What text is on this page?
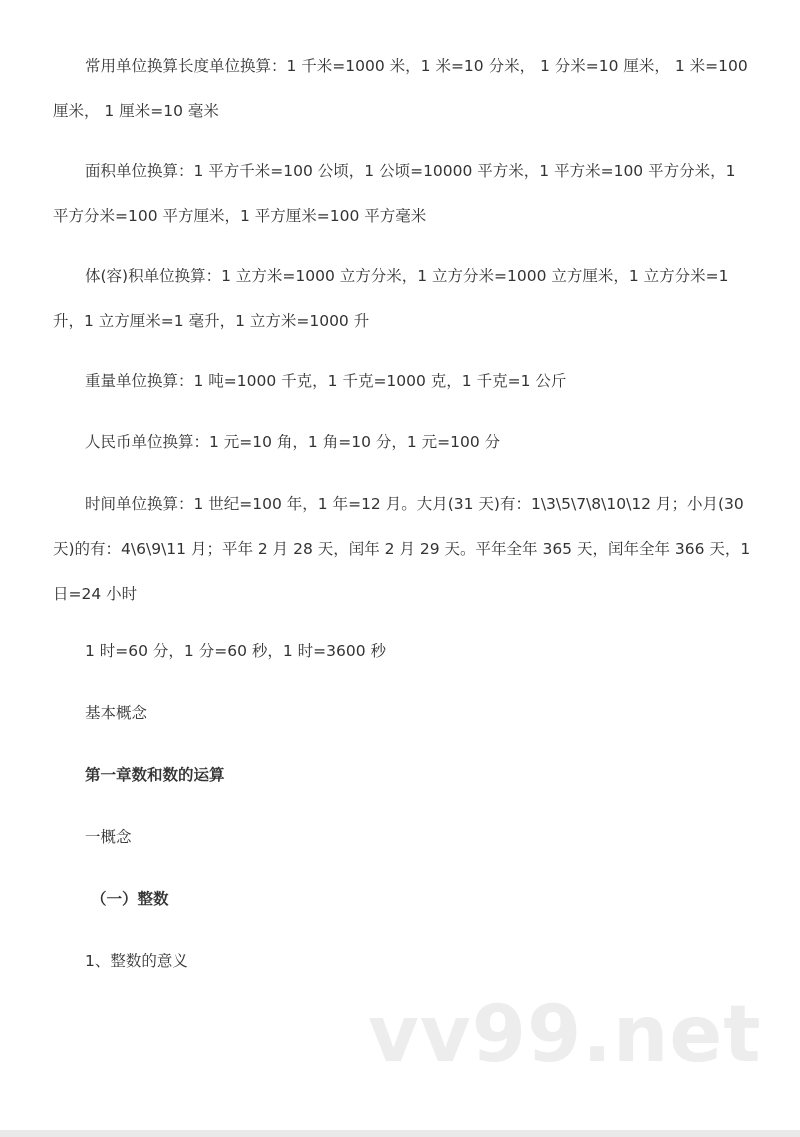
常用单位换算长度单位换算：1 千米=1000 米，1 米=10 分米， 1 分米=10 厘米， 1 米=100 厘米， 1 厘米=10 毫米

面积单位换算：1 平方千米=100 公顷，1 公顷=10000 平方米，1 平方米=100 平方分米，1 平方分米=100 平方厘米，1 平方厘米=100 平方毫米

体(容)积单位换算：1 立方米=1000 立方分米，1 立方分米=1000 立方厘米，1 立方分米=1 升，1 立方厘米=1 毫升，1 立方米=1000 升

重量单位换算：1 吨=1000 千克，1 千克=1000 克，1 千克=1 公斤

人民币单位换算：1 元=10 角，1 角=10 分，1 元=100 分

时间单位换算：1 世纪=100 年，1 年=12 月。大月(31 天)有：1\3\5\7\8\10\12 月；小月(30 天)的有：4\6\9\11 月；平年 2 月 28 天，闰年 2 月 29 天。平年全年 365 天，闰年全年 366 天，1 日=24 小时

1 时=60 分，1 分=60 秒，1 时=3600 秒

基本概念

第一章数和数的运算

一概念

（一）整数

1、整数的意义

vv99.net
